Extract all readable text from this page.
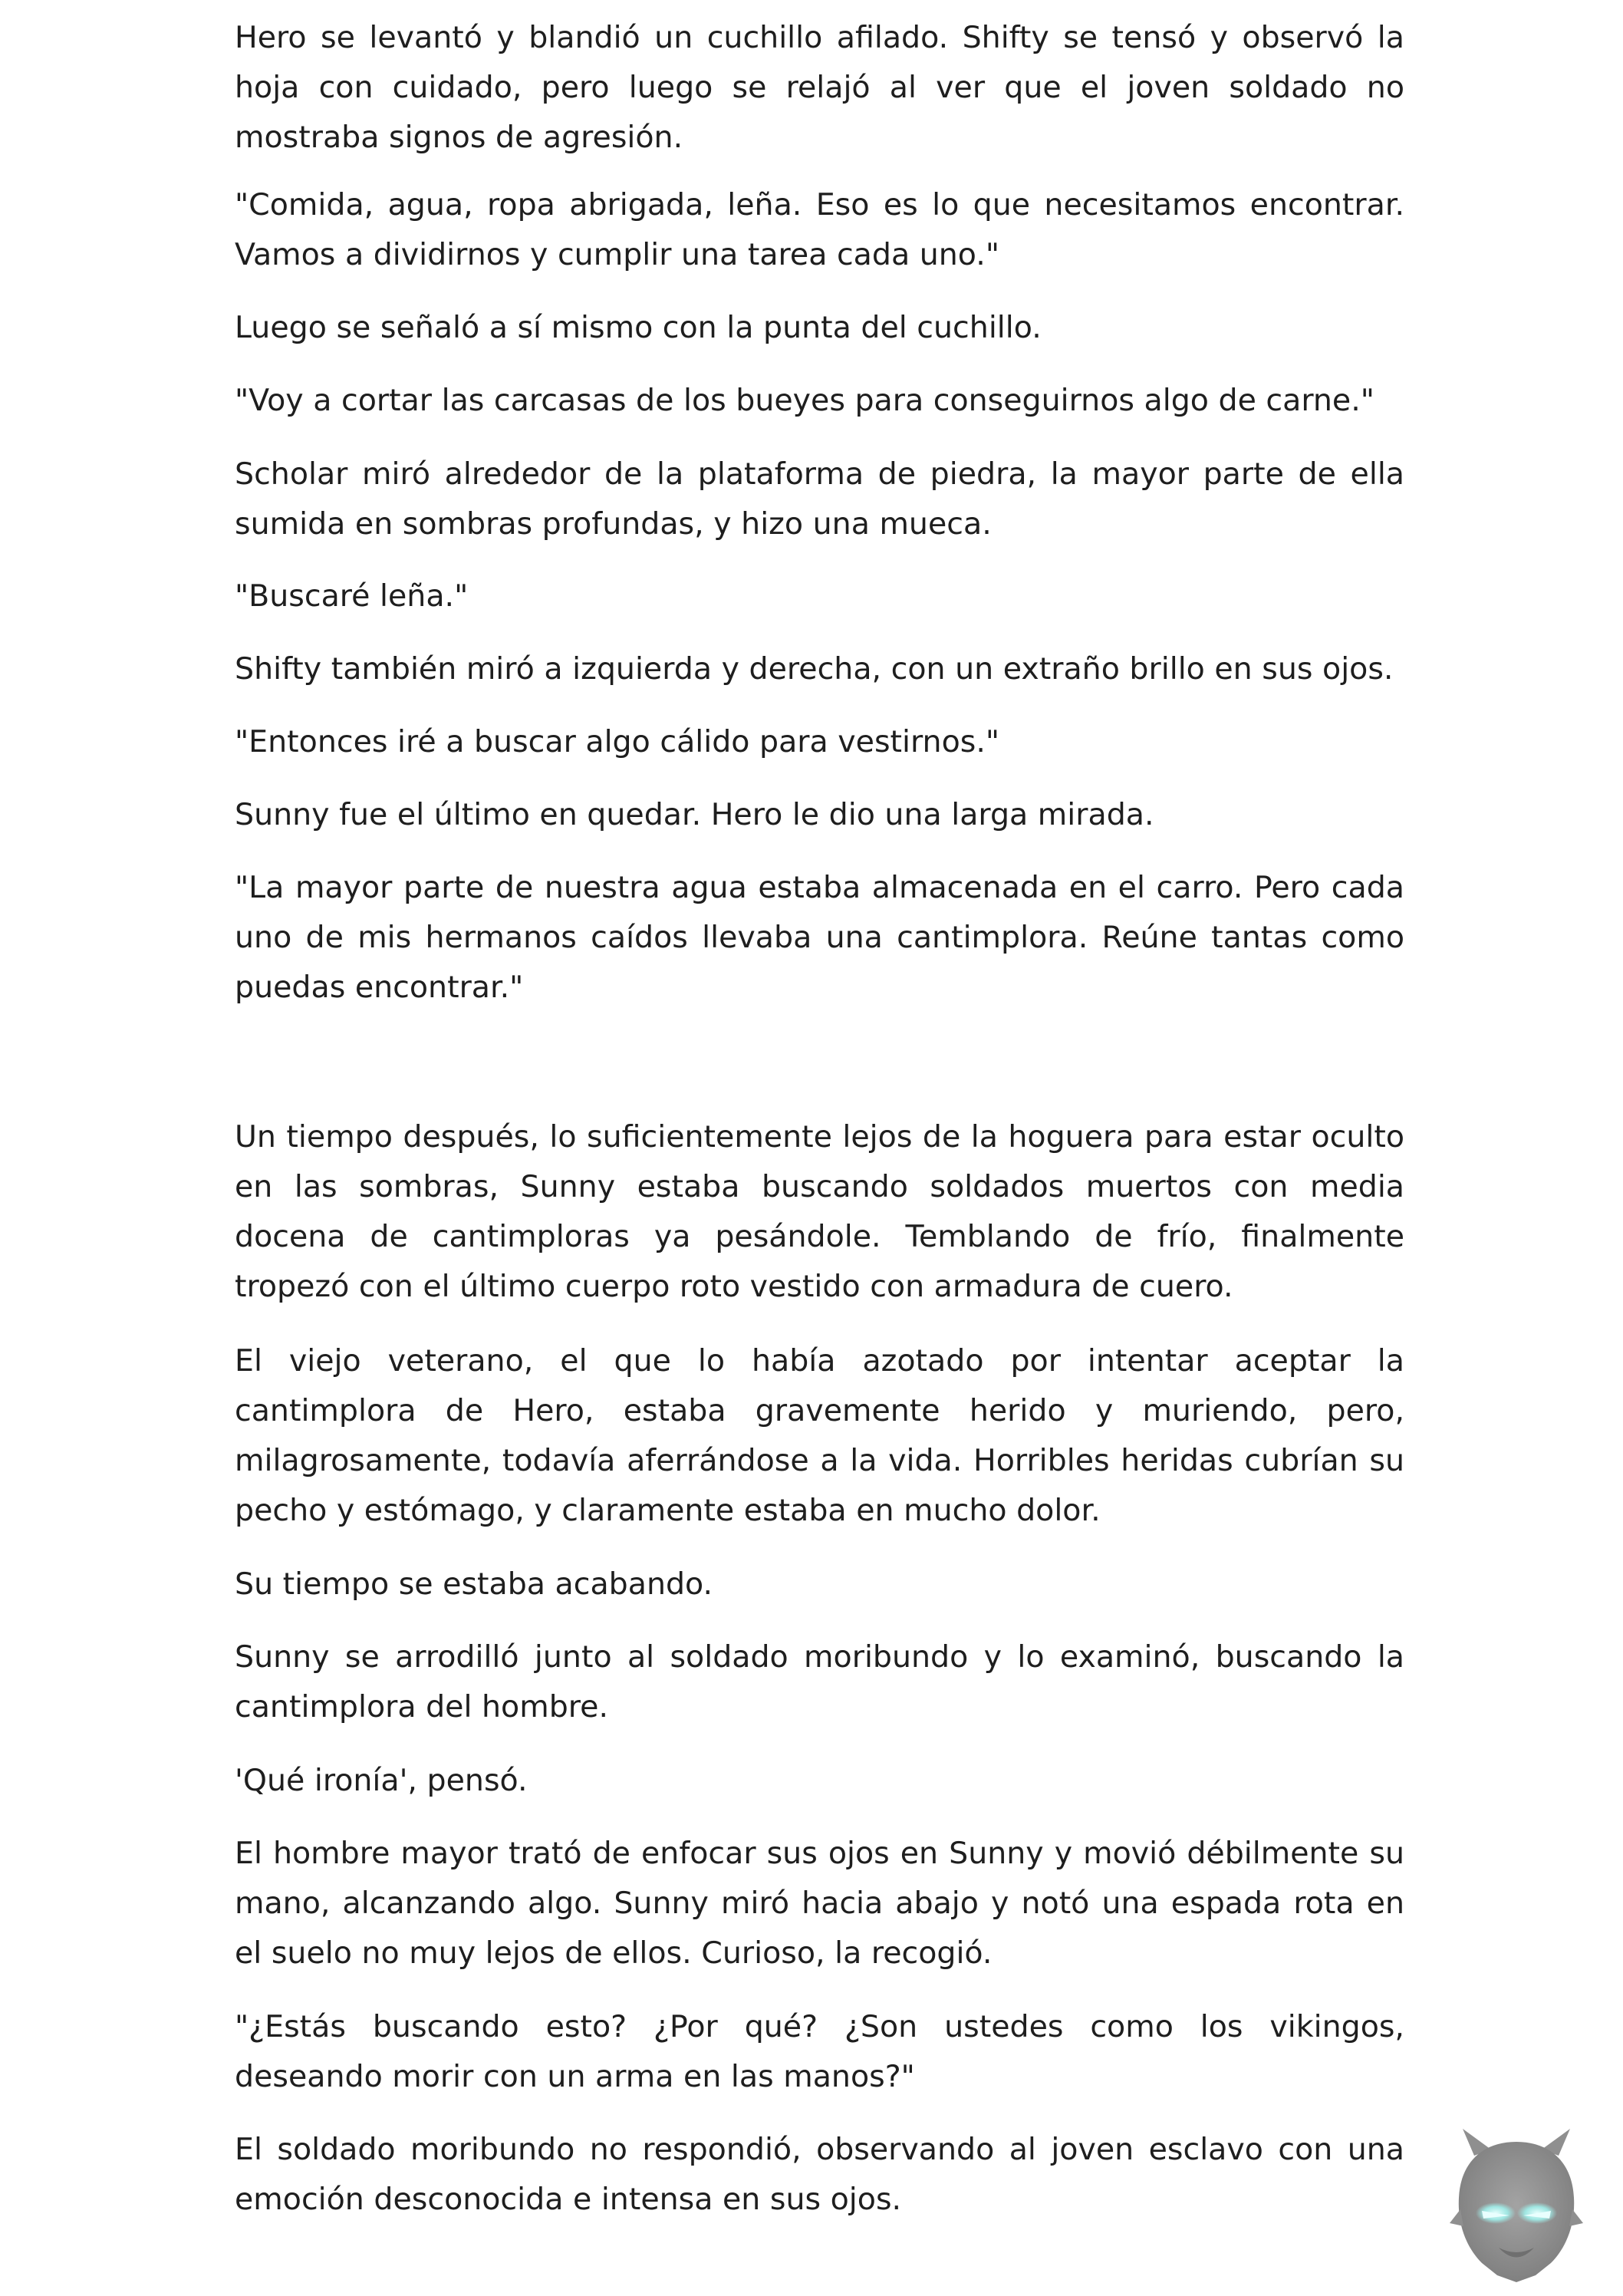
Hero se levantó y blandió un cuchillo afilado. Shifty se tensó y observó la hoja con cuidado, pero luego se relajó al ver que el joven soldado no mostraba signos de agresión.

"Comida, agua, ropa abrigada, leña. Eso es lo que necesitamos encontrar. Vamos a dividirnos y cumplir una tarea cada uno."

Luego se señaló a sí mismo con la punta del cuchillo.

"Voy a cortar las carcasas de los bueyes para conseguirnos algo de carne."

Scholar miró alrededor de la plataforma de piedra, la mayor parte de ella sumida en sombras profundas, y hizo una mueca.

"Buscaré leña."

Shifty también miró a izquierda y derecha, con un extraño brillo en sus ojos.

"Entonces iré a buscar algo cálido para vestirnos."

Sunny fue el último en quedar. Hero le dio una larga mirada.

"La mayor parte de nuestra agua estaba almacenada en el carro. Pero cada uno de mis hermanos caídos llevaba una cantimplora. Reúne tantas como puedas encontrar."

Un tiempo después, lo suficientemente lejos de la hoguera para estar oculto en las sombras, Sunny estaba buscando soldados muertos con media docena de cantimploras ya pesándole. Temblando de frío, finalmente tropezó con el último cuerpo roto vestido con armadura de cuero.

El viejo veterano, el que lo había azotado por intentar aceptar la cantimplora de Hero, estaba gravemente herido y muriendo, pero, milagrosamente, todavía aferrándose a la vida. Horribles heridas cubrían su pecho y estómago, y claramente estaba en mucho dolor.

Su tiempo se estaba acabando.

Sunny se arrodilló junto al soldado moribundo y lo examinó, buscando la cantimplora del hombre.

'Qué ironía', pensó.

El hombre mayor trató de enfocar sus ojos en Sunny y movió débilmente su mano, alcanzando algo. Sunny miró hacia abajo y notó una espada rota en el suelo no muy lejos de ellos. Curioso, la recogió.

"¿Estás buscando esto? ¿Por qué? ¿Son ustedes como los vikingos, deseando morir con un arma en las manos?"

El soldado moribundo no respondió, observando al joven esclavo con una emoción desconocida e intensa en sus ojos.
